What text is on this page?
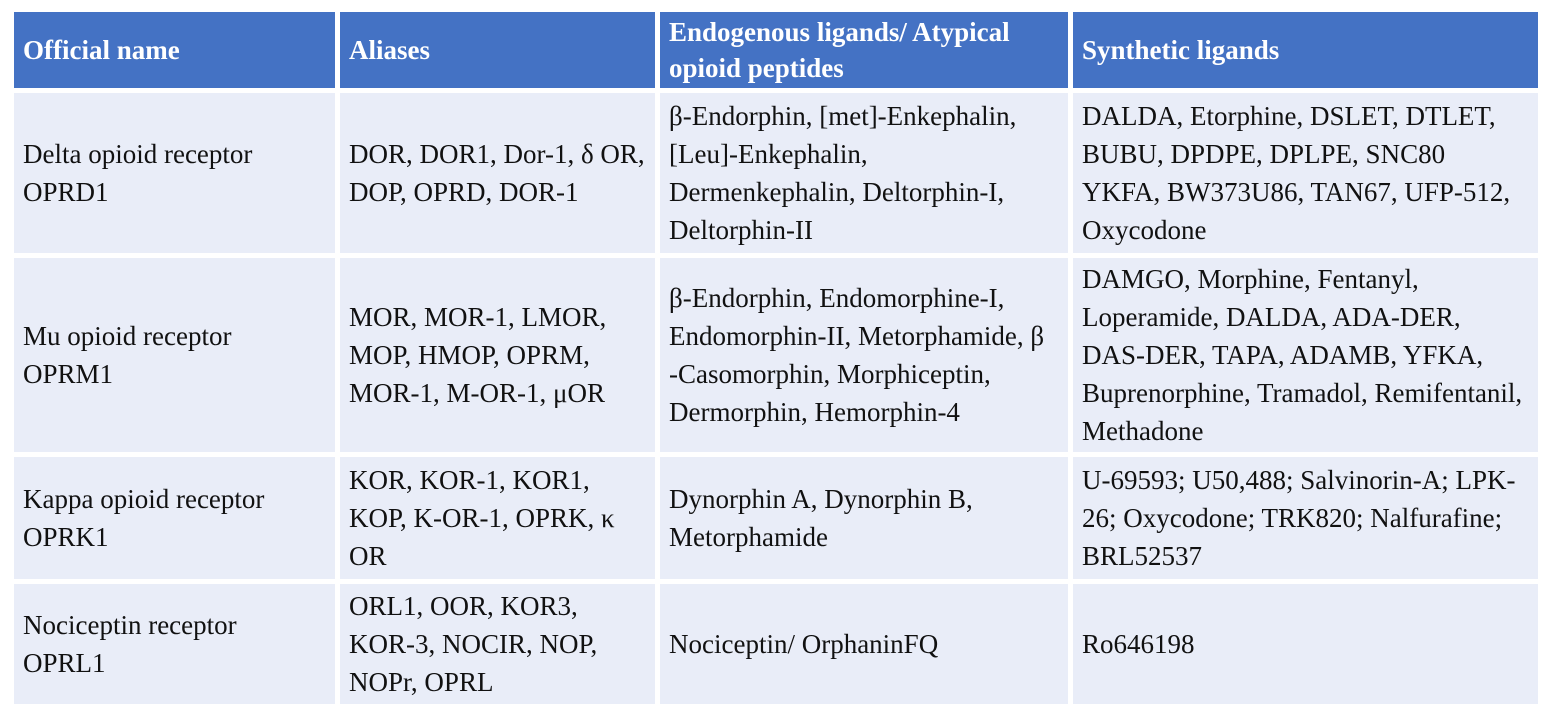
Official name	Aliases	Endogenous ligands/ Atypical opioid peptides	Synthetic ligands
Delta opioid receptor OPRD1	DOR, DOR1, Dor-1, δ OR, DOP, OPRD, DOR-1	β-Endorphin, [met]-Enkephalin, [Leu]-Enkephalin, Dermenkephalin, Deltorphin-I, Deltorphin-II	DALDA, Etorphine, DSLET, DTLET, BUBU, DPDPE, DPLPE, SNC80 YKFA, BW373U86, TAN67, UFP-512, Oxycodone
Mu opioid receptor OPRM1	MOR, MOR-1, LMOR, MOP, HMOP, OPRM, MOR-1, M-OR-1, μOR	β-Endorphin, Endomorphine-I, Endomorphin-II, Metorphamide, β -Casomorphin, Morphiceptin, Dermorphin, Hemorphin-4	DAMGO, Morphine, Fentanyl, Loperamide, DALDA, ADA-DER, DAS-DER, TAPA, ADAMB, YFKA, Buprenorphine, Tramadol, Remifentanil, Methadone
Kappa opioid receptor OPRK1	KOR, KOR-1, KOR1, KOP, K-OR-1, OPRK, κ OR	Dynorphin A, Dynorphin B, Metorphamide	U-69593; U50,488; Salvinorin-A; LPK-26; Oxycodone; TRK820; Nalfurafine; BRL52537
Nociceptin receptor OPRL1	ORL1, OOR, KOR3, KOR-3, NOCIR, NOP, NOPr, OPRL	Nociceptin/ OrphaninFQ	Ro646198
